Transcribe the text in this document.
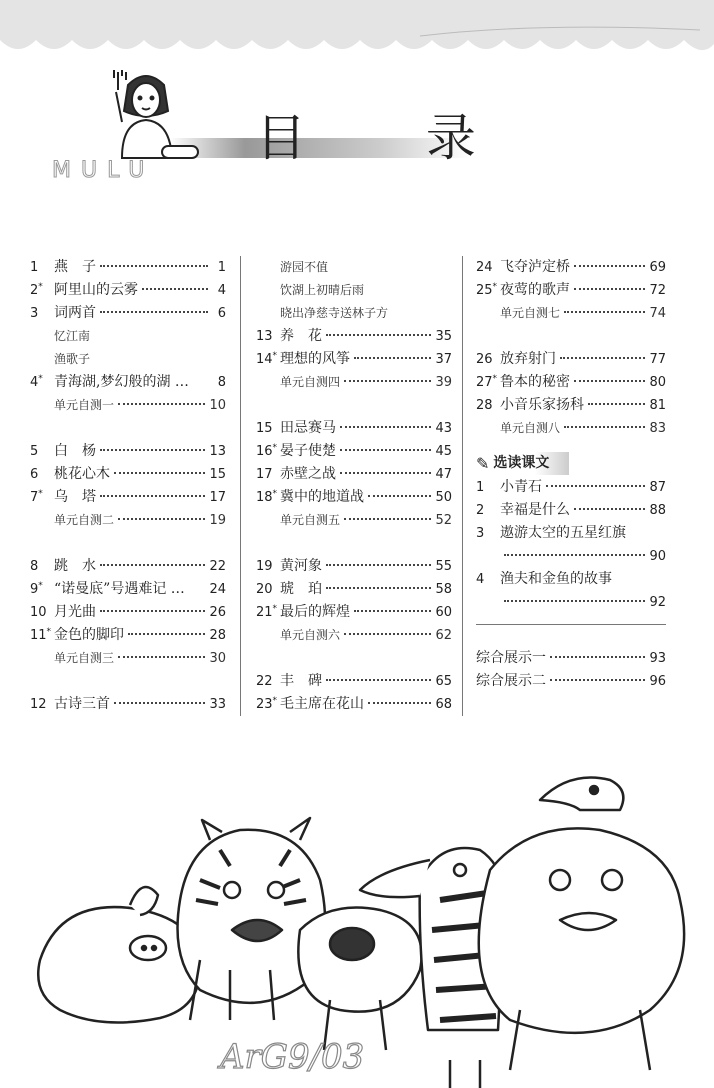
目 录
MULU
1	燕　子	1
2* 阿里山的云雾	4
3	词两首	6
忆江南
渔歌子
4* 青海湖,梦幻般的湖 …	8
单元自测一	10
5	白　杨	13
6	桃花心木	15
7* 乌　塔	17
单元自测二	19
8	跳　水	22
9* “诺曼底”号遇难记 … 24
10 月光曲	26
11* 金色的脚印	28
单元自测三	30
12 古诗三首	33
游园不值
饮湖上初晴后雨
晓出净慈寺送林子方
13 养　花	35
14* 理想的风筝	37
单元自测四	39
15 田忌赛马	43
16* 晏子使楚	45
17 赤壁之战	47
18* 冀中的地道战	50
单元自测五	52
19 黄河象	55
20 琥　珀	58
21* 最后的辉煌	60
单元自测六	62
22 丰　碑	65
23* 毛主席在花山	68
24 飞夺泸定桥	69
25* 夜莺的歌声	72
单元自测七	74
26 放弃射门	77
27* 鲁本的秘密	80
28 小音乐家扬科	81
单元自测八	83
✎ 选读课文
1	小青石	87
2	幸福是什么	88
3	遨游太空的五星红旗
90
4	渔夫和金鱼的故事
92
综合展示一	93
综合展示二	96
ArG9/03
